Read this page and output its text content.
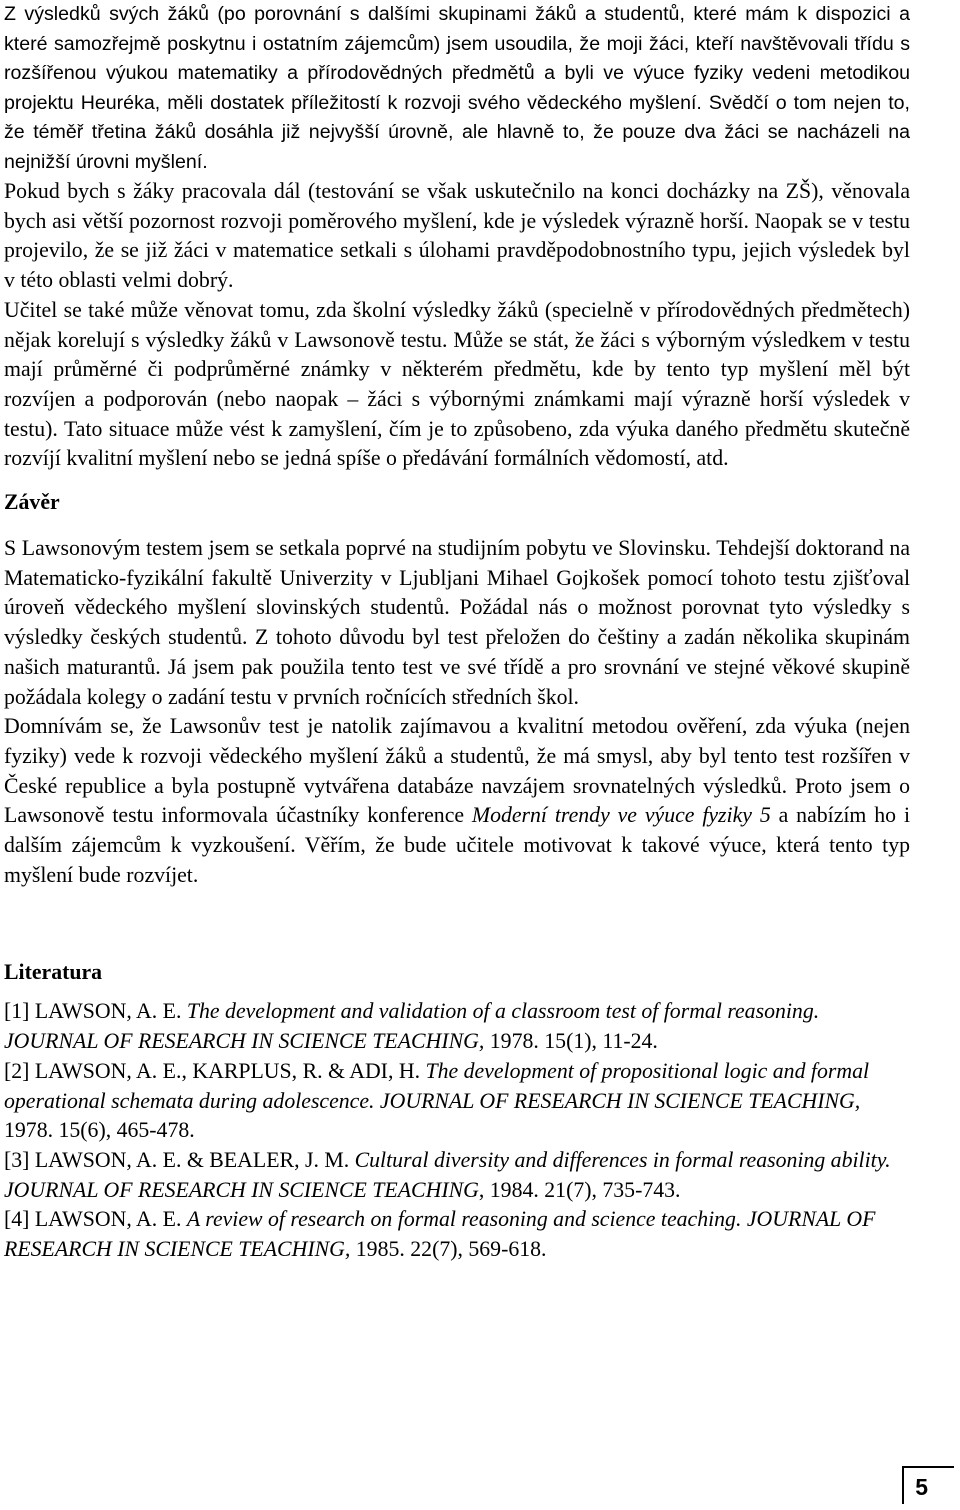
Z výsledků svých žáků (po porovnání s dalšími skupinami žáků a studentů, které mám k dispozici a které samozřejmě poskytnu i ostatním zájemcům) jsem usoudila, že moji žáci, kteří navštěvovali třídu s rozšířenou výukou matematiky a přírodovědných předmětů a byli ve výuce fyziky vedeni metodikou projektu Heuréka, měli dostatek příležitostí k rozvoji svého vědeckého myšlení. Svědčí o tom nejen to, že téměř třetina žáků dosáhla již nejvyšší úrovně, ale hlavně to, že pouze dva žáci se nacházeli na nejnižší úrovni myšlení.

Pokud bych s žáky pracovala dál (testování se však uskutečnilo na konci docházky na ZŠ), věnovala bych asi větší pozornost rozvoji poměrového myšlení, kde je výsledek výrazně horší. Naopak se v testu projevilo, že se již žáci v matematice setkali s úlohami pravděpodobnostního typu, jejich výsledek byl v této oblasti velmi dobrý.

Učitel se také může věnovat tomu, zda školní výsledky žáků (specielně v přírodovědných předmětech) nějak korelují s výsledky žáků v Lawsonově testu. Může se stát, že žáci s výborným výsledkem v testu mají průměrné či podprůměrné známky v některém předmětu, kde by tento typ myšlení měl být rozvíjen a podporován (nebo naopak – žáci s výbornými známkami mají výrazně horší výsledek v testu). Tato situace může vést k zamyšlení, čím je to způsobeno, zda výuka daného předmětu skutečně rozvíjí kvalitní myšlení nebo se jedná spíše o předávání formálních vědomostí, atd.

Závěr

S Lawsonovým testem jsem se setkala poprvé na studijním pobytu ve Slovinsku. Tehdejší doktorand na Matematicko-fyzikální fakultě Univerzity v Ljubljani Mihael Gojkošek pomocí tohoto testu zjišťoval úroveň vědeckého myšlení slovinských studentů. Požádal nás o možnost porovnat tyto výsledky s výsledky českých studentů. Z tohoto důvodu byl test přeložen do češtiny a zadán několika skupinám našich maturantů. Já jsem pak použila tento test ve své třídě a pro srovnání ve stejné věkové skupině požádala kolegy o zadání testu v prvních ročnících středních škol.

Domnívám se, že Lawsonův test je natolik zajímavou a kvalitní metodou ověření, zda výuka (nejen fyziky) vede k rozvoji vědeckého myšlení žáků a studentů, že má smysl, aby byl tento test rozšířen v České republice a byla postupně vytvářena databáze navzájem srovnatelných výsledků. Proto jsem o Lawsonově testu informovala účastníky konference Moderní trendy ve výuce fyziky 5 a nabízím ho i dalším zájemcům k vyzkoušení. Věřím, že bude učitele motivovat k takové výuce, která tento typ myšlení bude rozvíjet.

Literatura

[1] LAWSON, A. E. The development and validation of a classroom test of formal reasoning. JOURNAL OF RESEARCH IN SCIENCE TEACHING, 1978. 15(1), 11-24.

[2] LAWSON, A. E., KARPLUS, R. & ADI, H. The development of propositional logic and formal operational schemata during adolescence. JOURNAL OF RESEARCH IN SCIENCE TEACHING, 1978. 15(6), 465-478.

[3] LAWSON, A. E. & BEALER, J. M. Cultural diversity and differences in formal reasoning ability. JOURNAL OF RESEARCH IN SCIENCE TEACHING, 1984. 21(7), 735-743.

[4] LAWSON, A. E. A review of research on formal reasoning and science teaching. JOURNAL OF RESEARCH IN SCIENCE TEACHING, 1985. 22(7), 569-618.

5
